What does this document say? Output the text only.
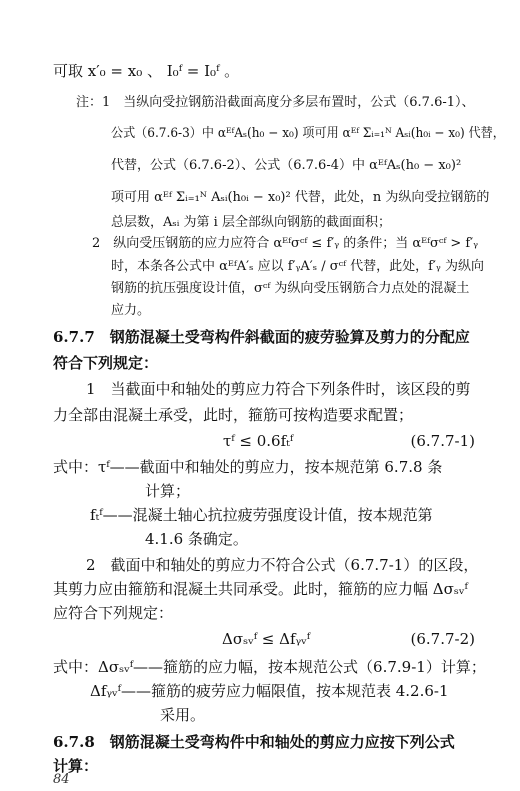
可取 x′₀ = x₀ 、 I₀ᶠ = I₀ᶠ 。
注：1　当纵向受拉钢筋沿截面高度分多层布置时，公式（6.7.6-1）、
公式（6.7.6-3）中 αᴱᶠAₛ(h₀ − x₀) 项可用 αᴱᶠ Σᵢ₌₁ᴺ Aₛᵢ(h₀ᵢ − x₀) 代替，
代替，公式（6.7.6-2）、公式（6.7.6-4）中 αᴱᶠAₛ(h₀ − x₀)²
项可用 αᴱᶠ Σᵢ₌₁ᴺ Aₛᵢ(h₀ᵢ − x₀)² 代替，此处，n 为纵向受拉钢筋的
总层数，Aₛᵢ 为第 i 层全部纵向钢筋的截面面积；
2　纵向受压钢筋的应力应符合 αᴱᶠσᶜᶠ ≤ f′ᵧ 的条件；当 αᴱᶠσᶜᶠ > f′ᵧ
时，本条各公式中 αᴱᶠA′ₛ 应以 f′ᵧA′ₛ / σᶜᶠ 代替，此处，f′ᵧ 为纵向
钢筋的抗压强度设计值，σᶜᶠ 为纵向受压钢筋合力点处的混凝土
应力。
6.7.7　钢筋混凝土受弯构件斜截面的疲劳验算及剪力的分配应
符合下列规定：
1　当截面中和轴处的剪应力符合下列条件时，该区段的剪
力全部由混凝土承受，此时，箍筋可按构造要求配置；
τᶠ ≤ 0.6fₜᶠ	(6.7.7-1)
式中：τᶠ——截面中和轴处的剪应力，按本规范第 6.7.8 条
计算；
fₜᶠ——混凝土轴心抗拉疲劳强度设计值，按本规范第
4.1.6 条确定。
2　截面中和轴处的剪应力不符合公式（6.7.7-1）的区段，
其剪力应由箍筋和混凝土共同承受。此时，箍筋的应力幅 Δσₛᵥᶠ
应符合下列规定：
Δσₛᵥᶠ ≤ Δfᵧᵥᶠ	(6.7.7-2)
式中：Δσₛᵥᶠ——箍筋的应力幅，按本规范公式（6.7.9-1）计算；
Δfᵧᵥᶠ——箍筋的疲劳应力幅限值，按本规范表 4.2.6-1
采用。
6.7.8　钢筋混凝土受弯构件中和轴处的剪应力应按下列公式
计算：
84
